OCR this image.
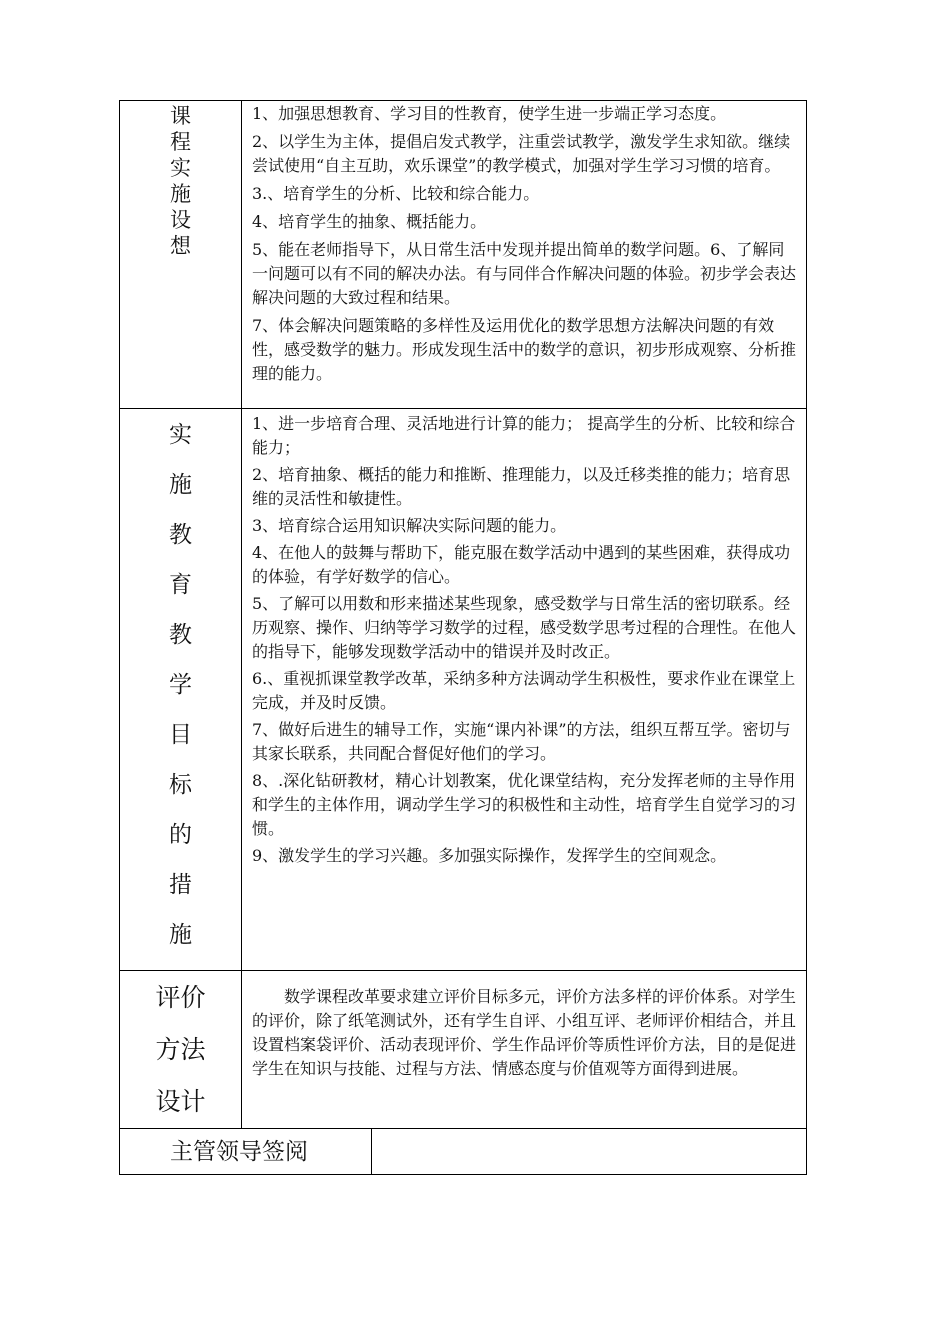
课
程
实
施
设
想

1、加强思想教育、学习目的性教育，使学生进一步端正学习态度。

2、以学生为主体，提倡启发式教学，注重尝试教学，激发学生求知欲。继续尝试使用“自主互助，欢乐课堂”的教学模式，加强对学生学习习惯的培育。

3.、培育学生的分析、比较和综合能力。

4、培育学生的抽象、概括能力。

5、能在老师指导下，从日常生活中发现并提出简单的数学问题。6、了解同一问题可以有不同的解决办法。有与同伴合作解决问题的体验。初步学会表达解决问题的大致过程和结果。

7、体会解决问题策略的多样性及运用优化的数学思想方法解决问题的有效性，感受数学的魅力。形成发现生活中的数学的意识，初步形成观察、分析推理的能力。

实
施
教
育
教
学
目
标
的
措
施

1、进一步培育合理、灵活地进行计算的能力； 提高学生的分析、比较和综合能力；

2、培育抽象、概括的能力和推断、推理能力，以及迁移类推的能力；培育思维的灵活性和敏捷性。

3、培育综合运用知识解决实际问题的能力。

4、在他人的鼓舞与帮助下，能克服在数学活动中遇到的某些困难，获得成功的体验，有学好数学的信心。

5、了解可以用数和形来描述某些现象，感受数学与日常生活的密切联系。经历观察、操作、归纳等学习数学的过程，感受数学思考过程的合理性。在他人的指导下，能够发现数学活动中的错误并及时改正。

6.、重视抓课堂教学改革，采纳多种方法调动学生积极性，要求作业在课堂上完成，并及时反馈。

7、做好后进生的辅导工作，实施“课内补课”的方法，组织互帮互学。密切与其家长联系，共同配合督促好他们的学习。

8、.深化钻研教材，精心计划教案，优化课堂结构，充分发挥老师的主导作用和学生的主体作用，调动学生学习的积极性和主动性，培育学生自觉学习的习惯。

9、激发学生的学习兴趣。多加强实际操作，发挥学生的空间观念。

评价
方法
设计
数学课程改革要求建立评价目标多元，评价方法多样的评价体系。对学生的评价，除了纸笔测试外，还有学生自评、小组互评、老师评价相结合，并且设置档案袋评价、活动表现评价、学生作品评价等质性评价方法，目的是促进学生在知识与技能、过程与方法、情感态度与价值观等方面得到进展。
主管领导签阅
